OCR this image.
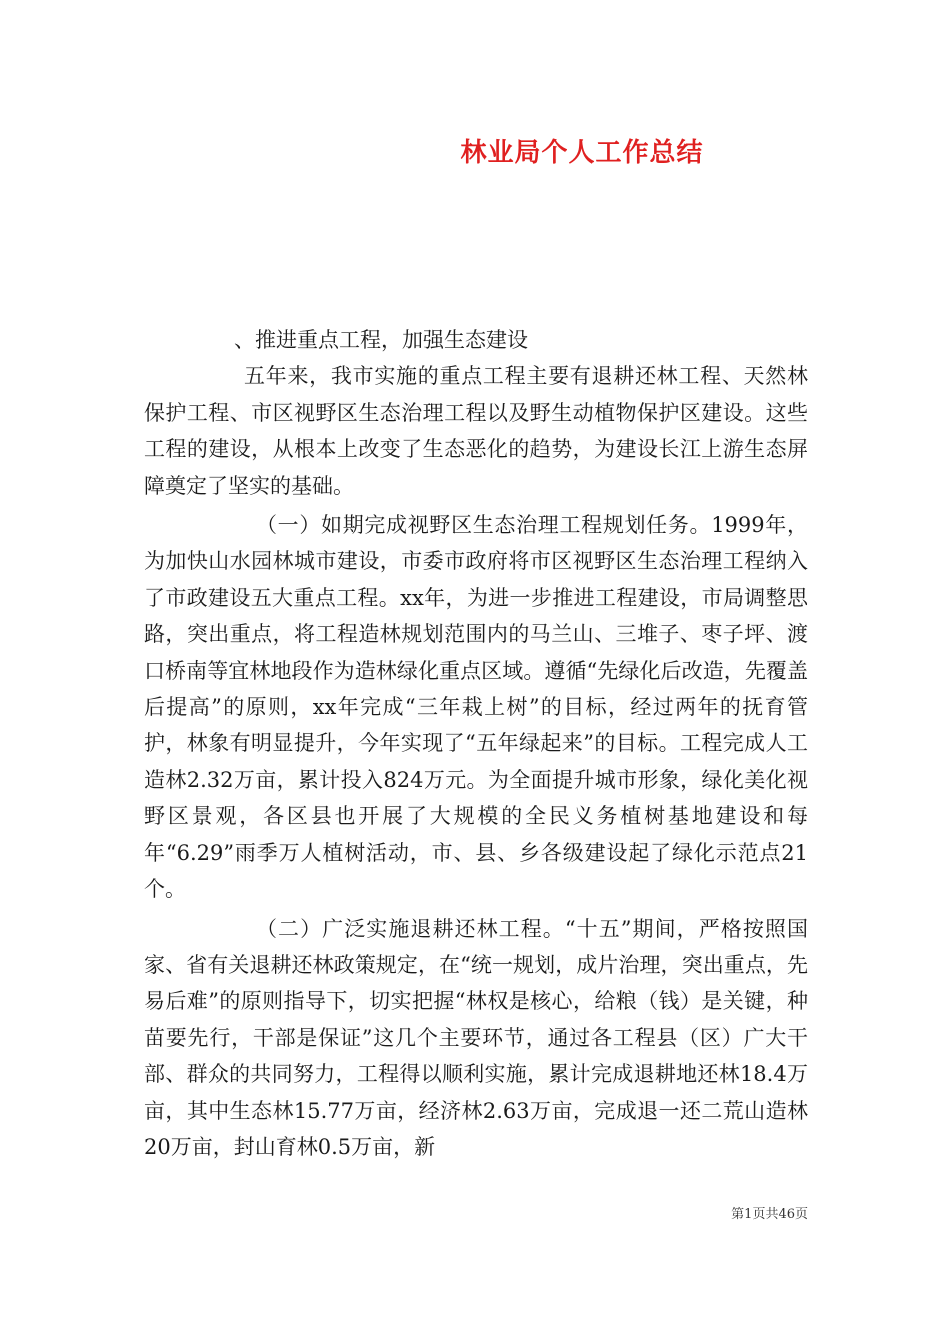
林业局个人工作总结

、推进重点工程，加强生态建设

五年来，我市实施的重点工程主要有退耕还林工程、天然林保护工程、市区视野区生态治理工程以及野生动植物保护区建设。这些工程的建设，从根本上改变了生态恶化的趋势，为建设长江上游生态屏障奠定了坚实的基础。

（一）如期完成视野区生态治理工程规划任务。1999年，为加快山水园林城市建设，市委市政府将市区视野区生态治理工程纳入了市政建设五大重点工程。xx年，为进一步推进工程建设，市局调整思路，突出重点，将工程造林规划范围内的马兰山、三堆子、枣子坪、渡口桥南等宜林地段作为造林绿化重点区域。遵循“先绿化后改造，先覆盖后提高”的原则，xx年完成“三年栽上树”的目标，经过两年的抚育管护，林象有明显提升，今年实现了“五年绿起来”的目标。工程完成人工造林2.32万亩，累计投入824万元。为全面提升城市形象，绿化美化视野区景观，各区县也开展了大规模的全民义务植树基地建设和每年“6.29”雨季万人植树活动，市、县、乡各级建设起了绿化示范点21个。

（二）广泛实施退耕还林工程。“十五”期间，严格按照国家、省有关退耕还林政策规定，在“统一规划，成片治理，突出重点，先易后难”的原则指导下，切实把握“林权是核心，给粮（钱）是关键，种苗要先行，干部是保证”这几个主要环节，通过各工程县（区）广大干部、群众的共同努力，工程得以顺利实施，累计完成退耕地还林18.4万亩，其中生态林15.77万亩，经济林2.63万亩，完成退一还二荒山造林20万亩，封山育林0.5万亩，新

第1页共46页
